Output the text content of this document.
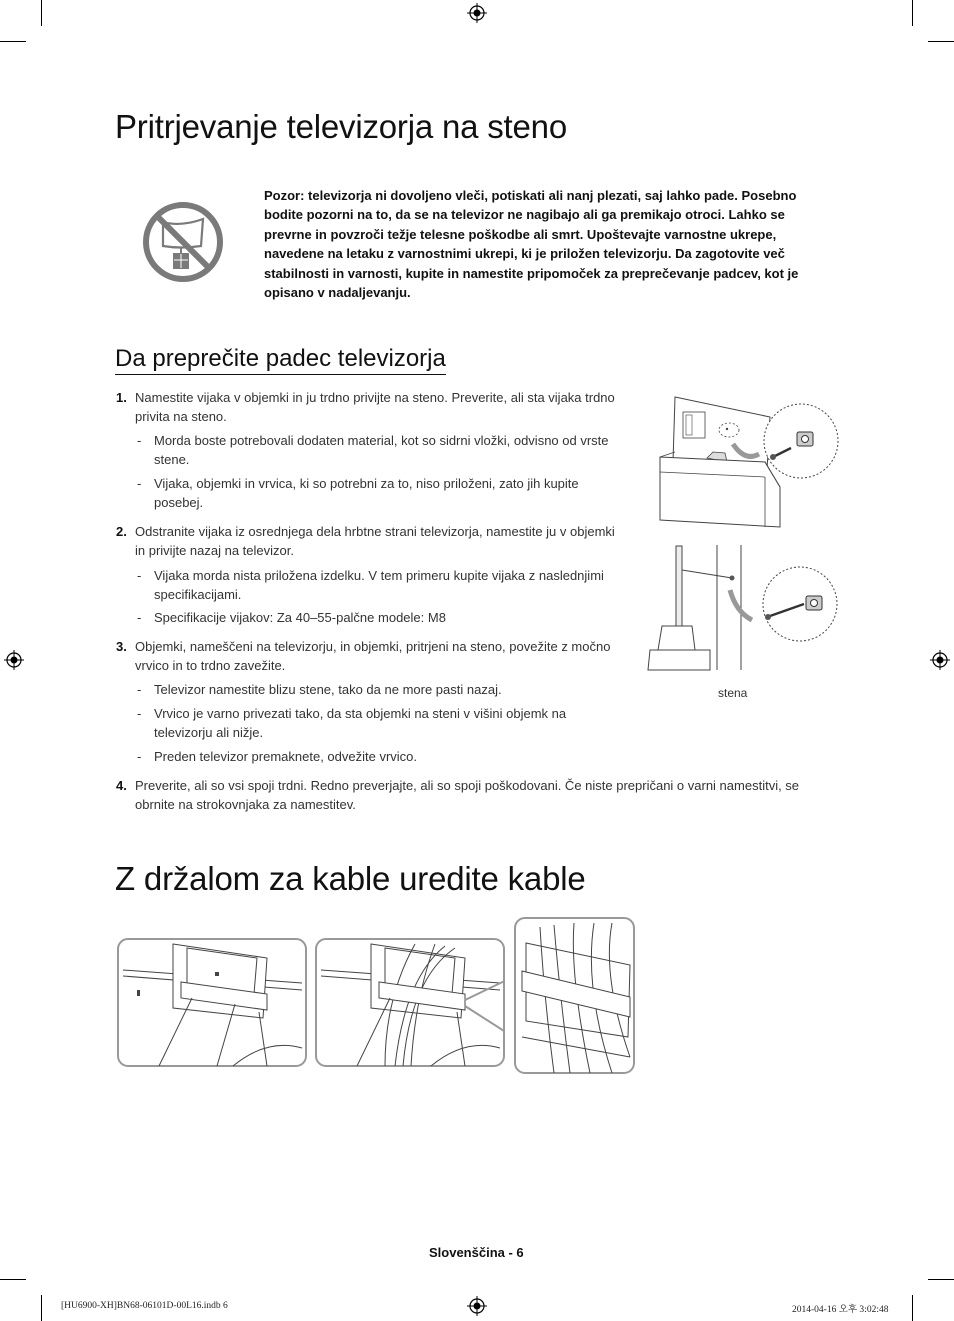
Pritrjevanje televizorja na steno
Pozor: televizorja ni dovoljeno vleči, potiskati ali nanj plezati, saj lahko pade. Posebno bodite pozorni na to, da se na televizor ne nagibajo ali ga premikajo otroci. Lahko se prevrne in povzroči težje telesne poškodbe ali smrt. Upoštevajte varnostne ukrepe, navedene na letaku z varnostnimi ukrepi, ki je priložen televizorju. Da zagotovite več stabilnosti in varnosti, kupite in namestite pripomoček za preprečevanje padcev, kot je opisano v nadaljevanju.
Da preprečite padec televizorja
1. Namestite vijaka v objemki in ju trdno privijte na steno. Preverite, ali sta vijaka trdno privita na steno.
- Morda boste potrebovali dodaten material, kot so sidrni vložki, odvisno od vrste stene.
- Vijaka, objemki in vrvica, ki so potrebni za to, niso priloženi, zato jih kupite posebej.
2. Odstranite vijaka iz osrednjega dela hrbtne strani televizorja, namestite ju v objemki in privijte nazaj na televizor.
- Vijaka morda nista priložena izdelku. V tem primeru kupite vijaka z naslednjimi specifikacijami.
- Specifikacije vijakov: Za 40–55-palčne modele: M8
3. Objemki, nameščeni na televizorju, in objemki, pritrjeni na steno, povežite z močno vrvico in to trdno zavežite.
- Televizor namestite blizu stene, tako da ne more pasti nazaj.
- Vrvico je varno privezati tako, da sta objemki na steni v višini objemk na televizorju ali nižje.
- Preden televizor premaknete, odvežite vrvico.
4. Preverite, ali so vsi spoji trdni. Redno preverjajte, ali so spoji poškodovani. Če niste prepričani o varni namestitvi, se obrnite na strokovnjaka za namestitev.
stena
Z držalom za kable uredite kable
Slovenščina - 6
[HU6900-XH]BN68-06101D-00L16.indb 6	2014-04-16 오후 3:02:48
